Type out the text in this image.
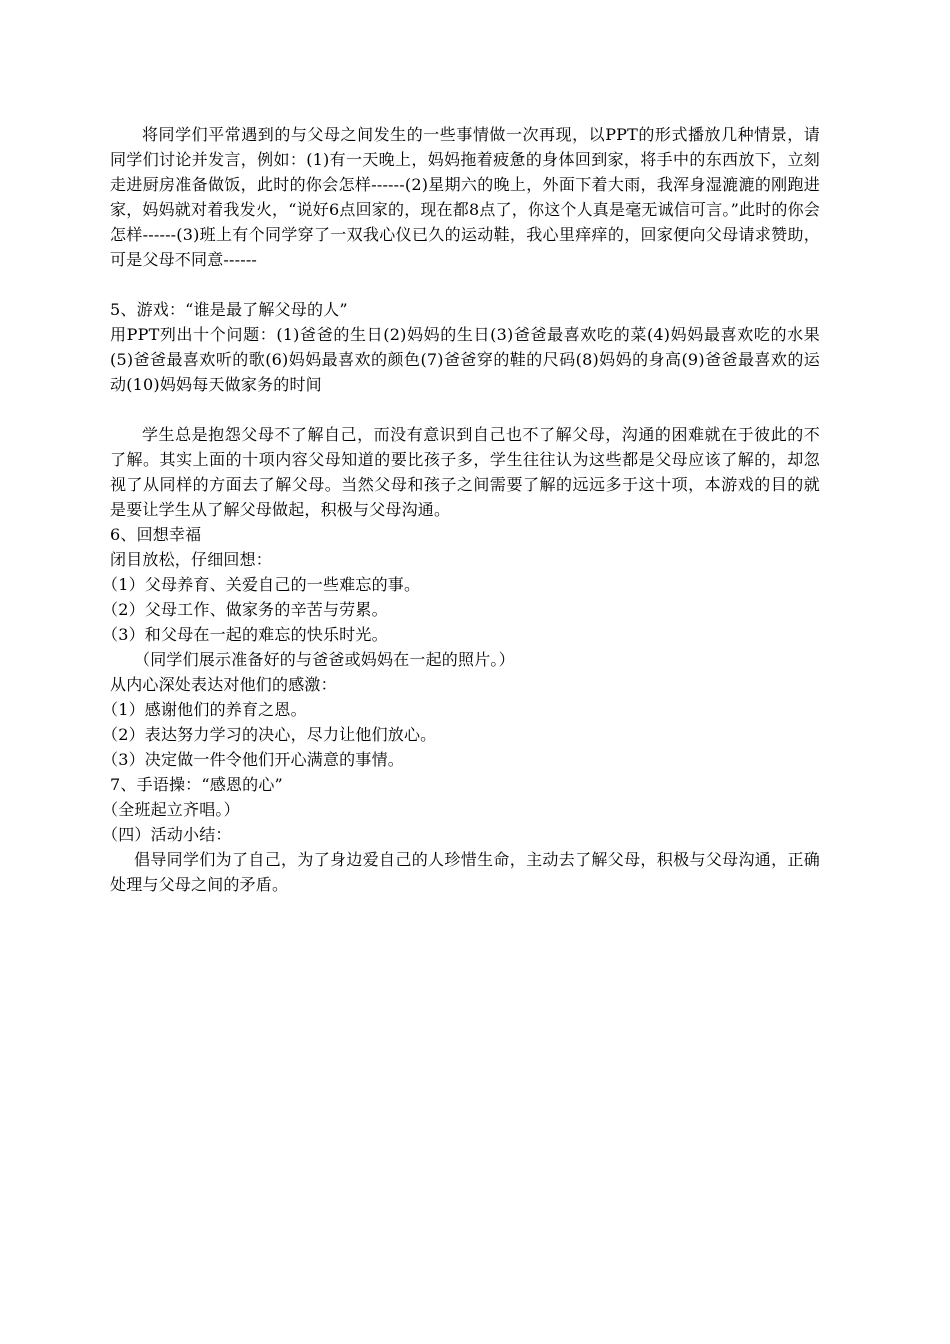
将同学们平常遇到的与父母之间发生的一些事情做一次再现，以PPT的形式播放几种情景，请同学们讨论并发言，例如：(1)有一天晚上，妈妈拖着疲惫的身体回到家，将手中的东西放下，立刻走进厨房准备做饭，此时的你会怎样------(2)星期六的晚上，外面下着大雨，我浑身湿漉漉的刚跑进家，妈妈就对着我发火，“说好6点回家的，现在都8点了，你这个人真是毫无诚信可言。”此时的你会怎样------(3)班上有个同学穿了一双我心仪已久的运动鞋，我心里痒痒的，回家便向父母请求赞助，可是父母不同意------

5、游戏：“谁是最了解父母的人”

用PPT列出十个问题：(1)爸爸的生日(2)妈妈的生日(3)爸爸最喜欢吃的菜(4)妈妈最喜欢吃的水果(5)爸爸最喜欢听的歌(6)妈妈最喜欢的颜色(7)爸爸穿的鞋的尺码(8)妈妈的身高(9)爸爸最喜欢的运动(10)妈妈每天做家务的时间

学生总是抱怨父母不了解自己，而没有意识到自己也不了解父母，沟通的困难就在于彼此的不了解。其实上面的十项内容父母知道的要比孩子多，学生往往认为这些都是父母应该了解的，却忽视了从同样的方面去了解父母。当然父母和孩子之间需要了解的远远多于这十项，本游戏的目的就是要让学生从了解父母做起，积极与父母沟通。

6、回想幸福
闭目放松，仔细回想：
（1）父母养育、关爱自己的一些难忘的事。
（2）父母工作、做家务的辛苦与劳累。
（3）和父母在一起的难忘的快乐时光。
（同学们展示准备好的与爸爸或妈妈在一起的照片。）
从内心深处表达对他们的感激：
（1）感谢他们的养育之恩。
（2）表达努力学习的决心，尽力让他们放心。
（3）决定做一件令他们开心满意的事情。
7、手语操：“感恩的心”
（全班起立齐唱。）
（四）活动小结：

倡导同学们为了自己，为了身边爱自己的人珍惜生命，主动去了解父母，积极与父母沟通，正确处理与父母之间的矛盾。
